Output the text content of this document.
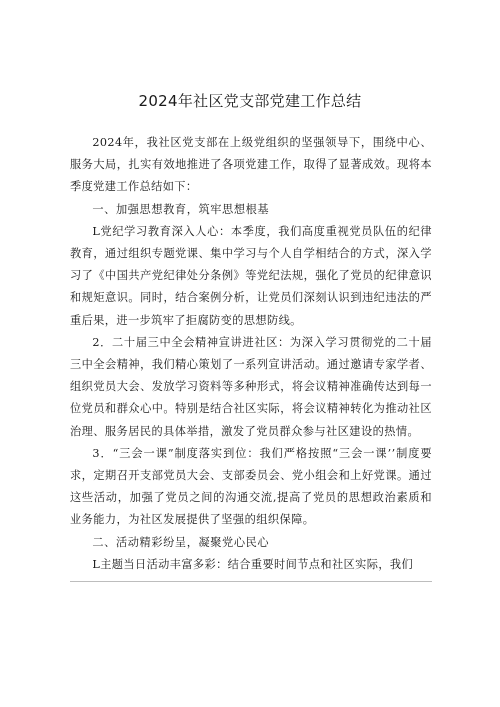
2024年社区党支部党建工作总结

2024年，我社区党支部在上级党组织的坚强领导下，围绕中心、服务大局，扎实有效地推进了各项党建工作，取得了显著成效。现将本季度党建工作总结如下：

一、加强思想教育，筑牢思想根基

L党纪学习教育深入人心：本季度，我们高度重视党员队伍的纪律教育，通过组织专题党课、集中学习与个人自学相结合的方式，深入学习了《中国共产党纪律处分条例》等党纪法规，强化了党员的纪律意识和规矩意识。同时，结合案例分析，让党员们深刻认识到违纪违法的严重后果，进一步筑牢了拒腐防变的思想防线。

2．二十届三中全会精神宣讲进社区：为深入学习贯彻党的二十届三中全会精神，我们精心策划了一系列宣讲活动。通过邀请专家学者、组织党员大会、发放学习资料等多种形式，将会议精神准确传达到每一位党员和群众心中。特别是结合社区实际，将会议精神转化为推动社区治理、服务居民的具体举措，激发了党员群众参与社区建设的热情。

3．“三会一课”制度落实到位：我们严格按照“三会一课’’制度要求，定期召开支部党员大会、支部委员会、党小组会和上好党课。通过这些活动，加强了党员之间的沟通交流,提高了党员的思想政治素质和业务能力，为社区发展提供了坚强的组织保障。

二、活动精彩纷呈，凝聚党心民心

L主题当日活动丰富多彩：结合重要时间节点和社区实际，我们
